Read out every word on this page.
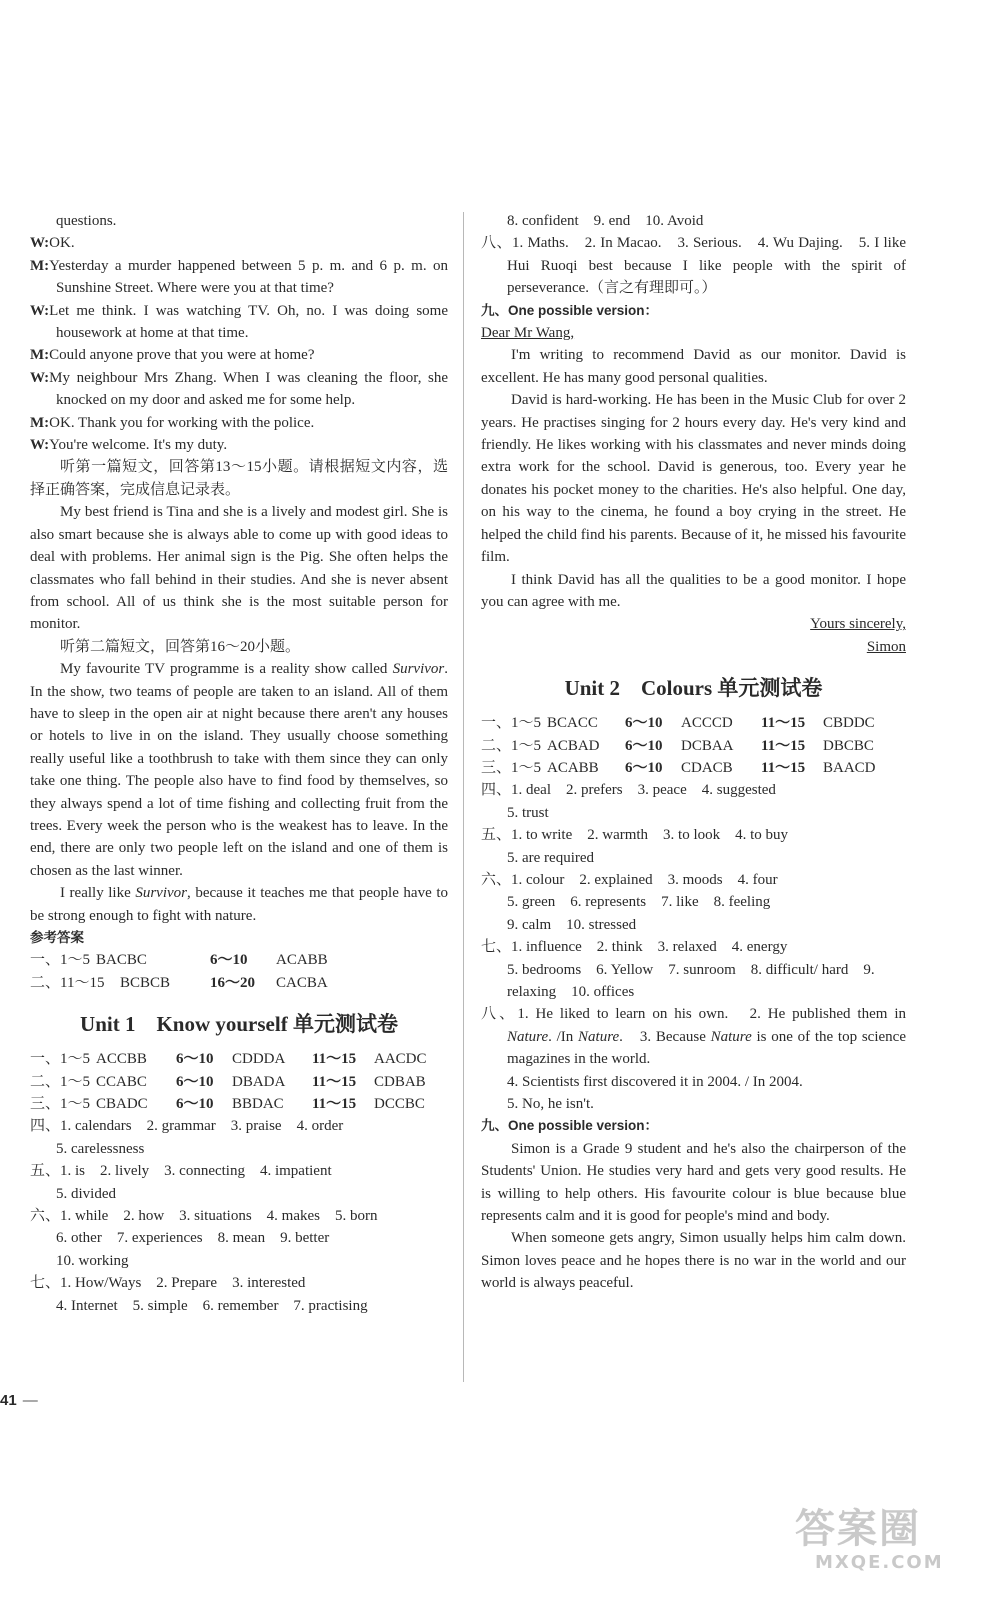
questions.

W:OK.

M:Yesterday a murder happened between 5 p. m. and 6 p. m. on Sunshine Street. Where were you at that time?

W:Let me think. I was watching TV. Oh, no. I was doing some housework at home at that time.

M:Could anyone prove that you were at home?

W:My neighbour Mrs Zhang. When I was cleaning the floor, she knocked on my door and asked me for some help.

M:OK. Thank you for working with the police.

W:You're welcome. It's my duty.

听第一篇短文，回答第13～15小题。请根据短文内容，选择正确答案，完成信息记录表。

My best friend is Tina and she is a lively and modest girl. She is also smart because she is always able to come up with good ideas to deal with problems. Her animal sign is the Pig. She often helps the classmates who fall behind in their studies. And she is never absent from school. All of us think she is the most suitable person for monitor.

听第二篇短文，回答第16～20小题。

My favourite TV programme is a reality show called Survivor. In the show, two teams of people are taken to an island. All of them have to sleep in the open air at night because there aren't any houses or hotels to live in on the island. They usually choose something really useful like a toothbrush to take with them since they can only take one thing. The people also have to find food by themselves, so they always spend a lot of time fishing and collecting fruit from the trees. Every week the person who is the weakest has to leave. In the end, there are only two people left on the island and one of them is chosen as the last winner.

I really like Survivor, because it teaches me that people have to be strong enough to fight with nature.

参考答案

一、1～5 BACBC	6～10 ACABB

二、11～15 BCBCB	16～20 CACBA

Unit 1　Know yourself 单元测试卷

一、1～5 ACCBB 6～10 CDDDA 11～15 AACDC

二、1～5 CCABC 6～10 DBADA 11～15 CDBAB

三、1～5 CBADC 6～10 BBDAC 11～15 DCCBC

四、1. calendars　2. grammar　3. praise　4. order

5. carelessness

五、1. is　2. lively　3. connecting　4. impatient

5. divided

六、1. while　2. how　3. situations　4. makes　5. born

6. other　7. experiences　8. mean　9. better

10. working

七、1. How/Ways　2. Prepare　3. interested

4. Internet　5. simple　6. remember　7. practising

41 —

8. confident　9. end　10. Avoid

八、1. Maths.　2. In Macao.　3. Serious.　4. Wu Dajing.　5. I like Hui Ruoqi best because I like people with the spirit of perseverance.（言之有理即可。）

九、One possible version：

Dear Mr Wang,

I'm writing to recommend David as our monitor. David is excellent. He has many good personal qualities.

David is hard-working. He has been in the Music Club for over 2 years. He practises singing for 2 hours every day. He's very kind and friendly. He likes working with his classmates and never minds doing extra work for the school. David is generous, too. Every year he donates his pocket money to the charities. He's also helpful. One day, on his way to the cinema, he found a boy crying in the street. He helped the child find his parents. Because of it, he missed his favourite film.

I think David has all the qualities to be a good monitor. I hope you can agree with me.

Yours sincerely,

Simon

Unit 2　Colours 单元测试卷

一、1～5 BCACC 6～10 ACCCD 11～15 CBDDC

二、1～5 ACBAD 6～10 DCBAA 11～15 DBCBC

三、1～5 ACABB 6～10 CDACB 11～15 BAACD

四、1. deal　2. prefers　3. peace　4. suggested

5. trust

五、1. to write　2. warmth　3. to look　4. to buy

5. are required

六、1. colour　2. explained　3. moods　4. four

5. green　6. represents　7. like　8. feeling

9. calm　10. stressed

七、1. influence　2. think　3. relaxed　4. energy

5. bedrooms　6. Yellow　7. sunroom　8. difficult/ hard　9. relaxing　10. offices

八、1. He liked to learn on his own.　2. He published them in Nature. /In Nature.　3. Because Nature is one of the top science magazines in the world.

4. Scientists first discovered it in 2004. / In 2004.

5. No, he isn't.

九、One possible version：

Simon is a Grade 9 student and he's also the chairperson of the Students' Union. He studies very hard and gets very good results. He is willing to help others. His favourite colour is blue because blue represents calm and it is good for people's mind and body.

When someone gets angry, Simon usually helps him calm down. Simon loves peace and he hopes there is no war in the world and our world is always peaceful.

答案圈
MXQE.COM
